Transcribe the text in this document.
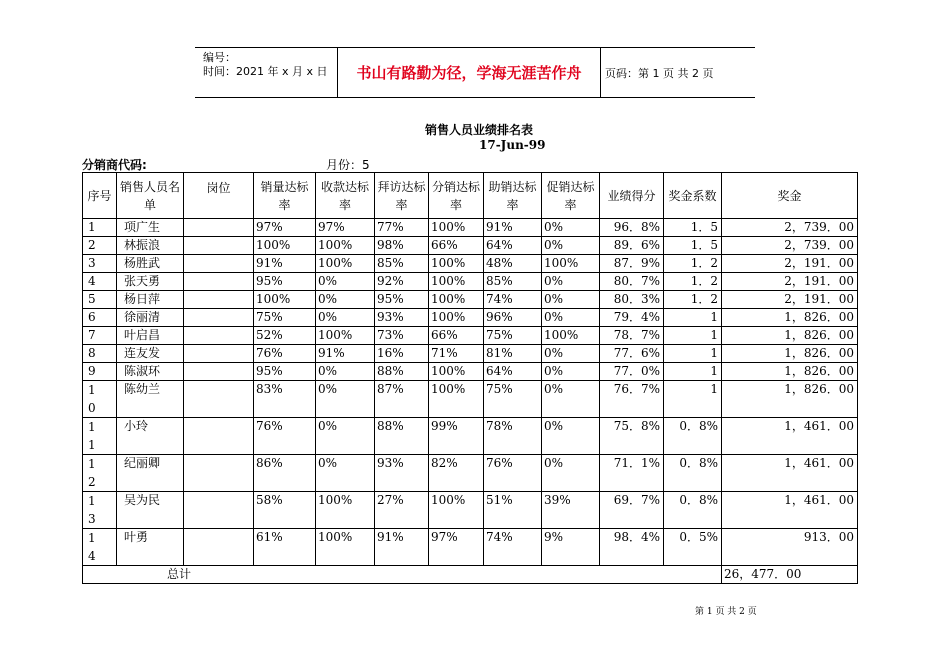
编号：
时间：2021 年 x 月 x 日	书山有路勤为径，学海无涯苦作舟	页码：第 1 页 共 2 页
销售人员业绩排名表
17-Jun-99
分销商代码:	月份：5
序号	销售人员名单	岗位	销量达标率	收款达标率	拜访达标率	分销达标率	助销达标率	促销达标率	业绩得分	奖金系数	奖金
1	项广生		97%	97%	77%	100%	91%	0%	96．8%	1．5	2，739．00
2	林振浪		100%	100%	98%	66%	64%	0%	89．6%	1．5	2，739．00
3	杨胜武		91%	100%	85%	100%	48%	100%	87．9%	1．2	2，191．00
4	张天勇		95%	0%	92%	100%	85%	0%	80．7%	1．2	2，191．00
5	杨日萍		100%	0%	95%	100%	74%	0%	80．3%	1．2	2，191．00
6	徐丽清		75%	0%	93%	100%	96%	0%	79．4%	1	1，826．00
7	叶启昌		52%	100%	73%	66%	75%	100%	78．7%	1	1，826．00
8	连友发		76%	91%	16%	71%	81%	0%	77．6%	1	1，826．00
9	陈淑环		95%	0%	88%	100%	64%	0%	77．0%	1	1，826．00
10	陈幼兰		83%	0%	87%	100%	75%	0%	76．7%	1	1，826．00
11	小玲		76%	0%	88%	99%	78%	0%	75．8%	0．8%	1，461．00
12	纪丽卿		86%	0%	93%	82%	76%	0%	71．1%	0．8%	1，461．00
13	吴为民		58%	100%	27%	100%	51%	39%	69．7%	0．8%	1，461．00
14	叶勇		61%	100%	91%	97%	74%	9%	98．4%	0．5%	913．00
总计											26，477．00
第 1 页 共 2 页
